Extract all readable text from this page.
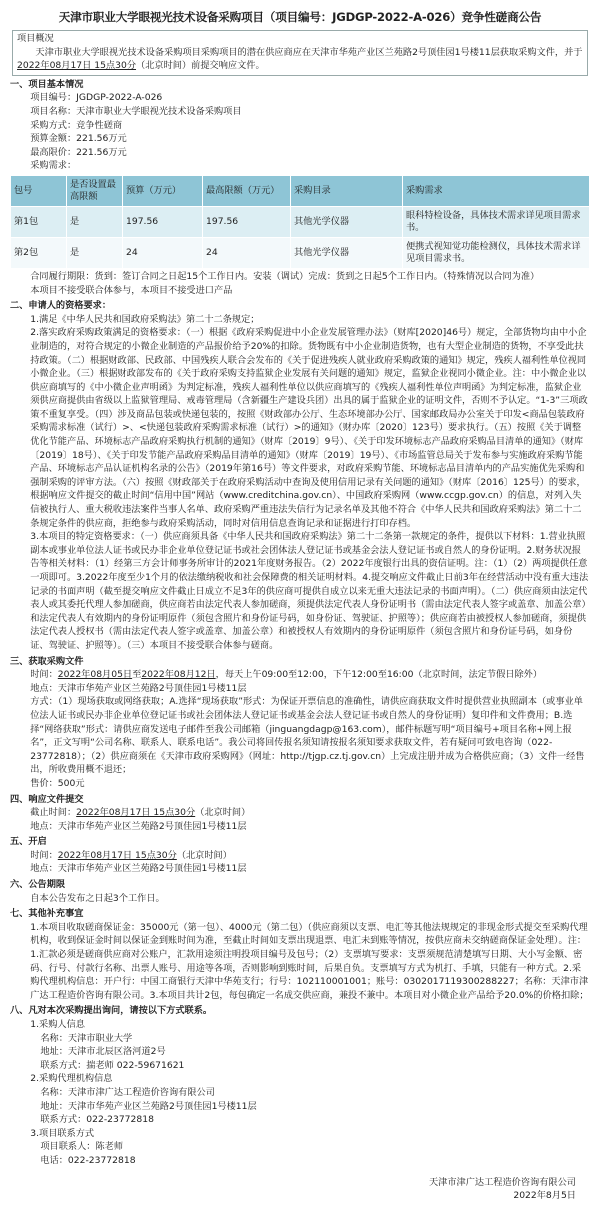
天津市职业大学眼视光技术设备采购项目（项目编号：JGDGP-2022-A-026）竞争性磋商公告
项目概况
天津市职业大学眼视光技术设备采购项目采购项目的潜在供应商应在天津市华苑产业区兰苑路2号顶佳园1号楼11层获取采购文件，并于2022年08月17日 15点30分（北京时间）前提交响应文件。
一、项目基本情况
项目编号：JGDGP-2022-A-026
项目名称：天津市职业大学眼视光技术设备采购项目
采购方式：竞争性磋商
预算金额：221.56万元
最高限价：221.56万元
采购需求：
包号	是否设置最高限额	预算（万元）	最高限额（万元）	采购目录	采购需求
第1包	是	197.56	197.56	其他光学仪器	眼科特检设备，具体技术需求详见项目需求书。
第2包	是	24	24	其他光学仪器	便携式视知觉功能检测仪，具体技术需求详见项目需求书。
合同履行期限：货到：签订合同之日起15个工作日内。安装（调试）完成：货到之日起5个工作日内。（特殊情况以合同为准）
本项目不接受联合体参与，本项目不接受进口产品
二、申请人的资格要求：
1.满足《中华人民共和国政府采购法》第二十二条规定；
2.落实政府采购政策满足的资格要求：（一）根据《政府采购促进中小企业发展管理办法》（财库[2020]46号）规定，全部货物均由中小企业制造的，对符合规定的小微企业制造的产品报价给予20%的扣除。货物既有中小企业制造货物，也有大型企业制造的货物，不享受此扶持政策。（二）根据财政部、民政部、中国残疾人联合会发布的《关于促进残疾人就业政府采购政策的通知》规定，残疾人福利性单位视同小微企业。（三）根据财政部发布的《关于政府采购支持监狱企业发展有关问题的通知》规定，监狱企业视同小微企业。注：中小微企业以供应商填写的《中小微企业声明函》为判定标准，残疾人福利性单位以供应商填写的《残疾人福利性单位声明函》为判定标准，监狱企业须供应商提供由省级以上监狱管理局、戒毒管理局（含新疆生产建设兵团）出具的属于监狱企业的证明文件，否则不予认定。“1-3”三项政策不重复享受。（四）涉及商品包装或快递包装的，按照《财政部办公厅、生态环境部办公厅、国家邮政局办公室关于印发<商品包装政府采购需求标准（试行）>、<快递包装政府采购需求标准（试行）>的通知》（财办库〔2020〕123号）要求执行。（五）按照《关于调整优化节能产品、环境标志产品政府采购执行机制的通知》（财库〔2019〕9号）、《关于印发环境标志产品政府采购品目清单的通知》（财库〔2019〕18号）、《关于印发节能产品政府采购品目清单的通知》（财库〔2019〕19号）、《市场监管总局关于发布参与实施政府采购节能产品、环境标志产品认证机构名录的公告》（2019年第16号）等文件要求，对政府采购节能、环境标志品目清单内的产品实施优先采购和强制采购的评审方法。（六）按照《财政部关于在政府采购活动中查询及使用信用记录有关问题的通知》（财库〔2016〕125号）的要求，根据响应文件提交的截止时间“信用中国”网站（www.creditchina.gov.cn）、中国政府采购网（www.ccgp.gov.cn）的信息，对列入失信被执行人、重大税收违法案件当事人名单、政府采购严重违法失信行为记录名单及其他不符合《中华人民共和国政府采购法》第二十二条规定条件的供应商，拒绝参与政府采购活动，同时对信用信息查询记录和证据进行打印存档。
3.本项目的特定资格要求：（一）供应商须具备《中华人民共和国政府采购法》第二十二条第一款规定的条件，提供以下材料：1.营业执照副本或事业单位法人证书或民办非企业单位登记证书或社会团体法人登记证书或基金会法人登记证书或自然人的身份证明。2.财务状况报告等相关材料：（1）经第三方会计师事务所审计的2021年度财务报告。（2）2022年度银行出具的资信证明。注：（1）（2）两项提供任意一项即可。3.2022年度至少1个月的依法缴纳税收和社会保障费的相关证明材料。4.提交响应文件截止日前3年在经营活动中没有重大违法记录的书面声明（截至提交响应文件截止日成立不足3年的供应商可提供自成立以来无重大违法记录的书面声明）。（二）供应商须由法定代表人或其委托代理人参加磋商，供应商若由法定代表人参加磋商，须提供法定代表人身份证明书（需由法定代表人签字或盖章、加盖公章）和法定代表人有效期内的身份证明原件（须包含照片和身份证号码，如身份证、驾驶证、护照等）；供应商若由被授权人参加磋商，须提供法定代表人授权书（需由法定代表人签字或盖章、加盖公章）和被授权人有效期内的身份证明原件（须包含照片和身份证号码，如身份证、驾驶证、护照等）。（三）本项目不接受联合体参与磋商。
三、获取采购文件
时间：2022年08月05日至2022年08月12日，每天上午09:00至12:00，下午12:00至16:00（北京时间，法定节假日除外）
地点：天津市华苑产业区兰苑路2号顶佳园1号楼11层
方式：（1）现场获取或网络获取；A.选择“现场获取”形式：为保证开票信息的准确性，请供应商获取文件时提供营业执照副本（或事业单位法人证书或民办非企业单位登记证书或社会团体法人登记证书或基金会法人登记证书或自然人的身份证明）复印件和文件费用；B.选择“网络获取”形式：请供应商发送电子邮件至我公司邮箱（jinguangdagp@163.com），邮件标题写明“项目编号+项目名称+网上报名”，正文写明“公司名称、联系人、联系电话”。我公司将回传报名须知请按报名须知要求获取文件，若有疑问可致电咨询（022-23772818）；（2）供应商须在《天津市政府采购网》（网址：http://tjgp.cz.tj.gov.cn）上完成注册并成为合格供应商；（3）文件一经售出，所收费用概不退还；
售价：500元
四、响应文件提交
截止时间：2022年08月17日 15点30分（北京时间）
地点：天津市华苑产业区兰苑路2号顶佳园1号楼11层
五、开启
时间：2022年08月17日 15点30分（北京时间）
地点：天津市华苑产业区兰苑路2号顶佳园1号楼11层
六、公告期限
自本公告发布之日起3个工作日。
七、其他补充事宜
1.本项目收取磋商保证金：35000元（第一包）、4000元（第二包）（供应商须以支票、电汇等其他法规规定的非现金形式提交至采购代理机构，收到保证金时间以保证金到账时间为准，至截止时间如支票出现退票、电汇未到账等情况，按供应商未交纳磋商保证金处理）。注：1.汇款必须是磋商供应商对公账户，汇款用途须注明投项目编号及包号；（2）支票填写要求：支票须规范清楚填写日期、大小写金额、密码、行号、付款行名称、出票人账号、用途等各项，否则影响到账时间，后果自负。支票填写方式为机打、手填，只能有一种方式。2.采购代理机构信息：开户行：中国工商银行天津中华苑支行；行号：102110001001；账号：0302017119300288227；名称：天津市津广达工程造价咨询有限公司。3.本项目共计2包，每包确定一名成交供应商，兼投不兼中。本项目对小微企业产品给予20.0%的价格扣除；
八、凡对本次采购提出询问，请按以下方式联系。
1.采购人信息
名称：天津市职业大学
地址：天津市北辰区洛河道2号
联系方式：揣老师 022-59671621
2.采购代理机构信息
名称：天津市津广达工程造价咨询有限公司
地址：天津市华苑产业区兰苑路2号顶佳园1号楼11层
联系方式：022-23772818
3.项目联系方式
项目联系人：陈老师
电话：022-23772818
天津市津广达工程造价咨询有限公司
2022年8月5日
